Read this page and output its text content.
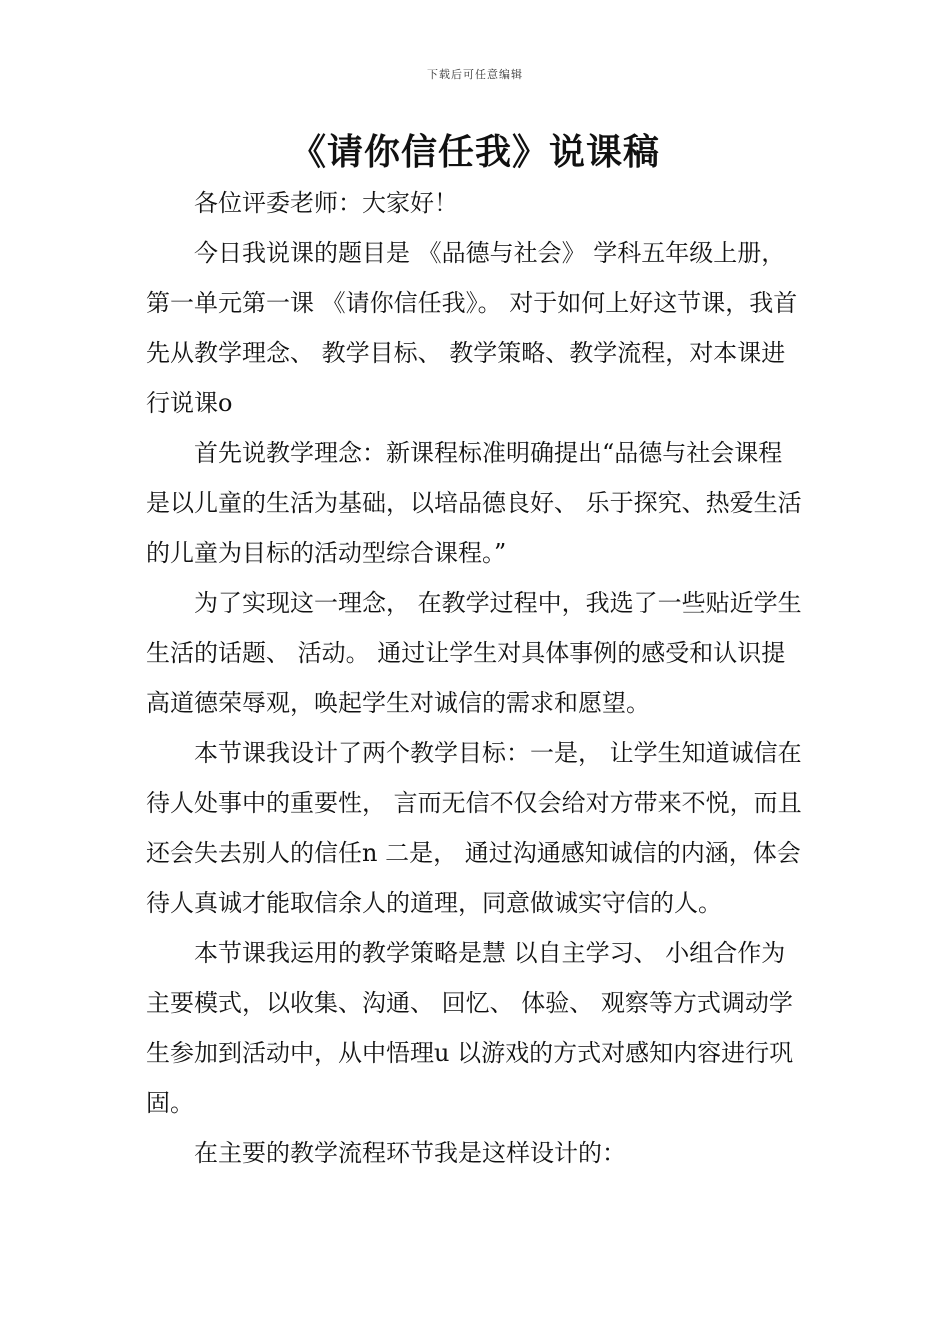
下载后可任意编辑
《请你信任我》说课稿

各位评委老师：大家好！

今日我说课的题目是 《品德与社会》 学科五年级上册，第一单元第一课 《请你信任我》。 对于如何上好这节课，我首先从教学理念、 教学目标、 教学策略、教学流程，对本课进行说课o

首先说教学理念：新课程标准明确提出“品德与社会课程是以儿童的生活为基础，以培品德良好、 乐于探究、热爱生活的儿童为目标的活动型综合课程。”

为了实现这一理念， 在教学过程中，我选了一些贴近学生生活的话题、 活动。 通过让学生对具体事例的感受和认识提高道德荣辱观，唤起学生对诚信的需求和愿望。

本节课我设计了两个教学目标：一是， 让学生知道诚信在待人处事中的重要性， 言而无信不仅会给对方带来不悦，而且还会失去别人的信任n 二是， 通过沟通感知诚信的内涵，体会待人真诚才能取信余人的道理，同意做诚实守信的人。

本节课我运用的教学策略是慧 以自主学习、 小组合作为主要模式，以收集、沟通、 回忆、 体验、 观察等方式调动学生参加到活动中，从中悟理u 以游戏的方式对感知内容进行巩固。

在主要的教学流程环节我是这样设计的：
